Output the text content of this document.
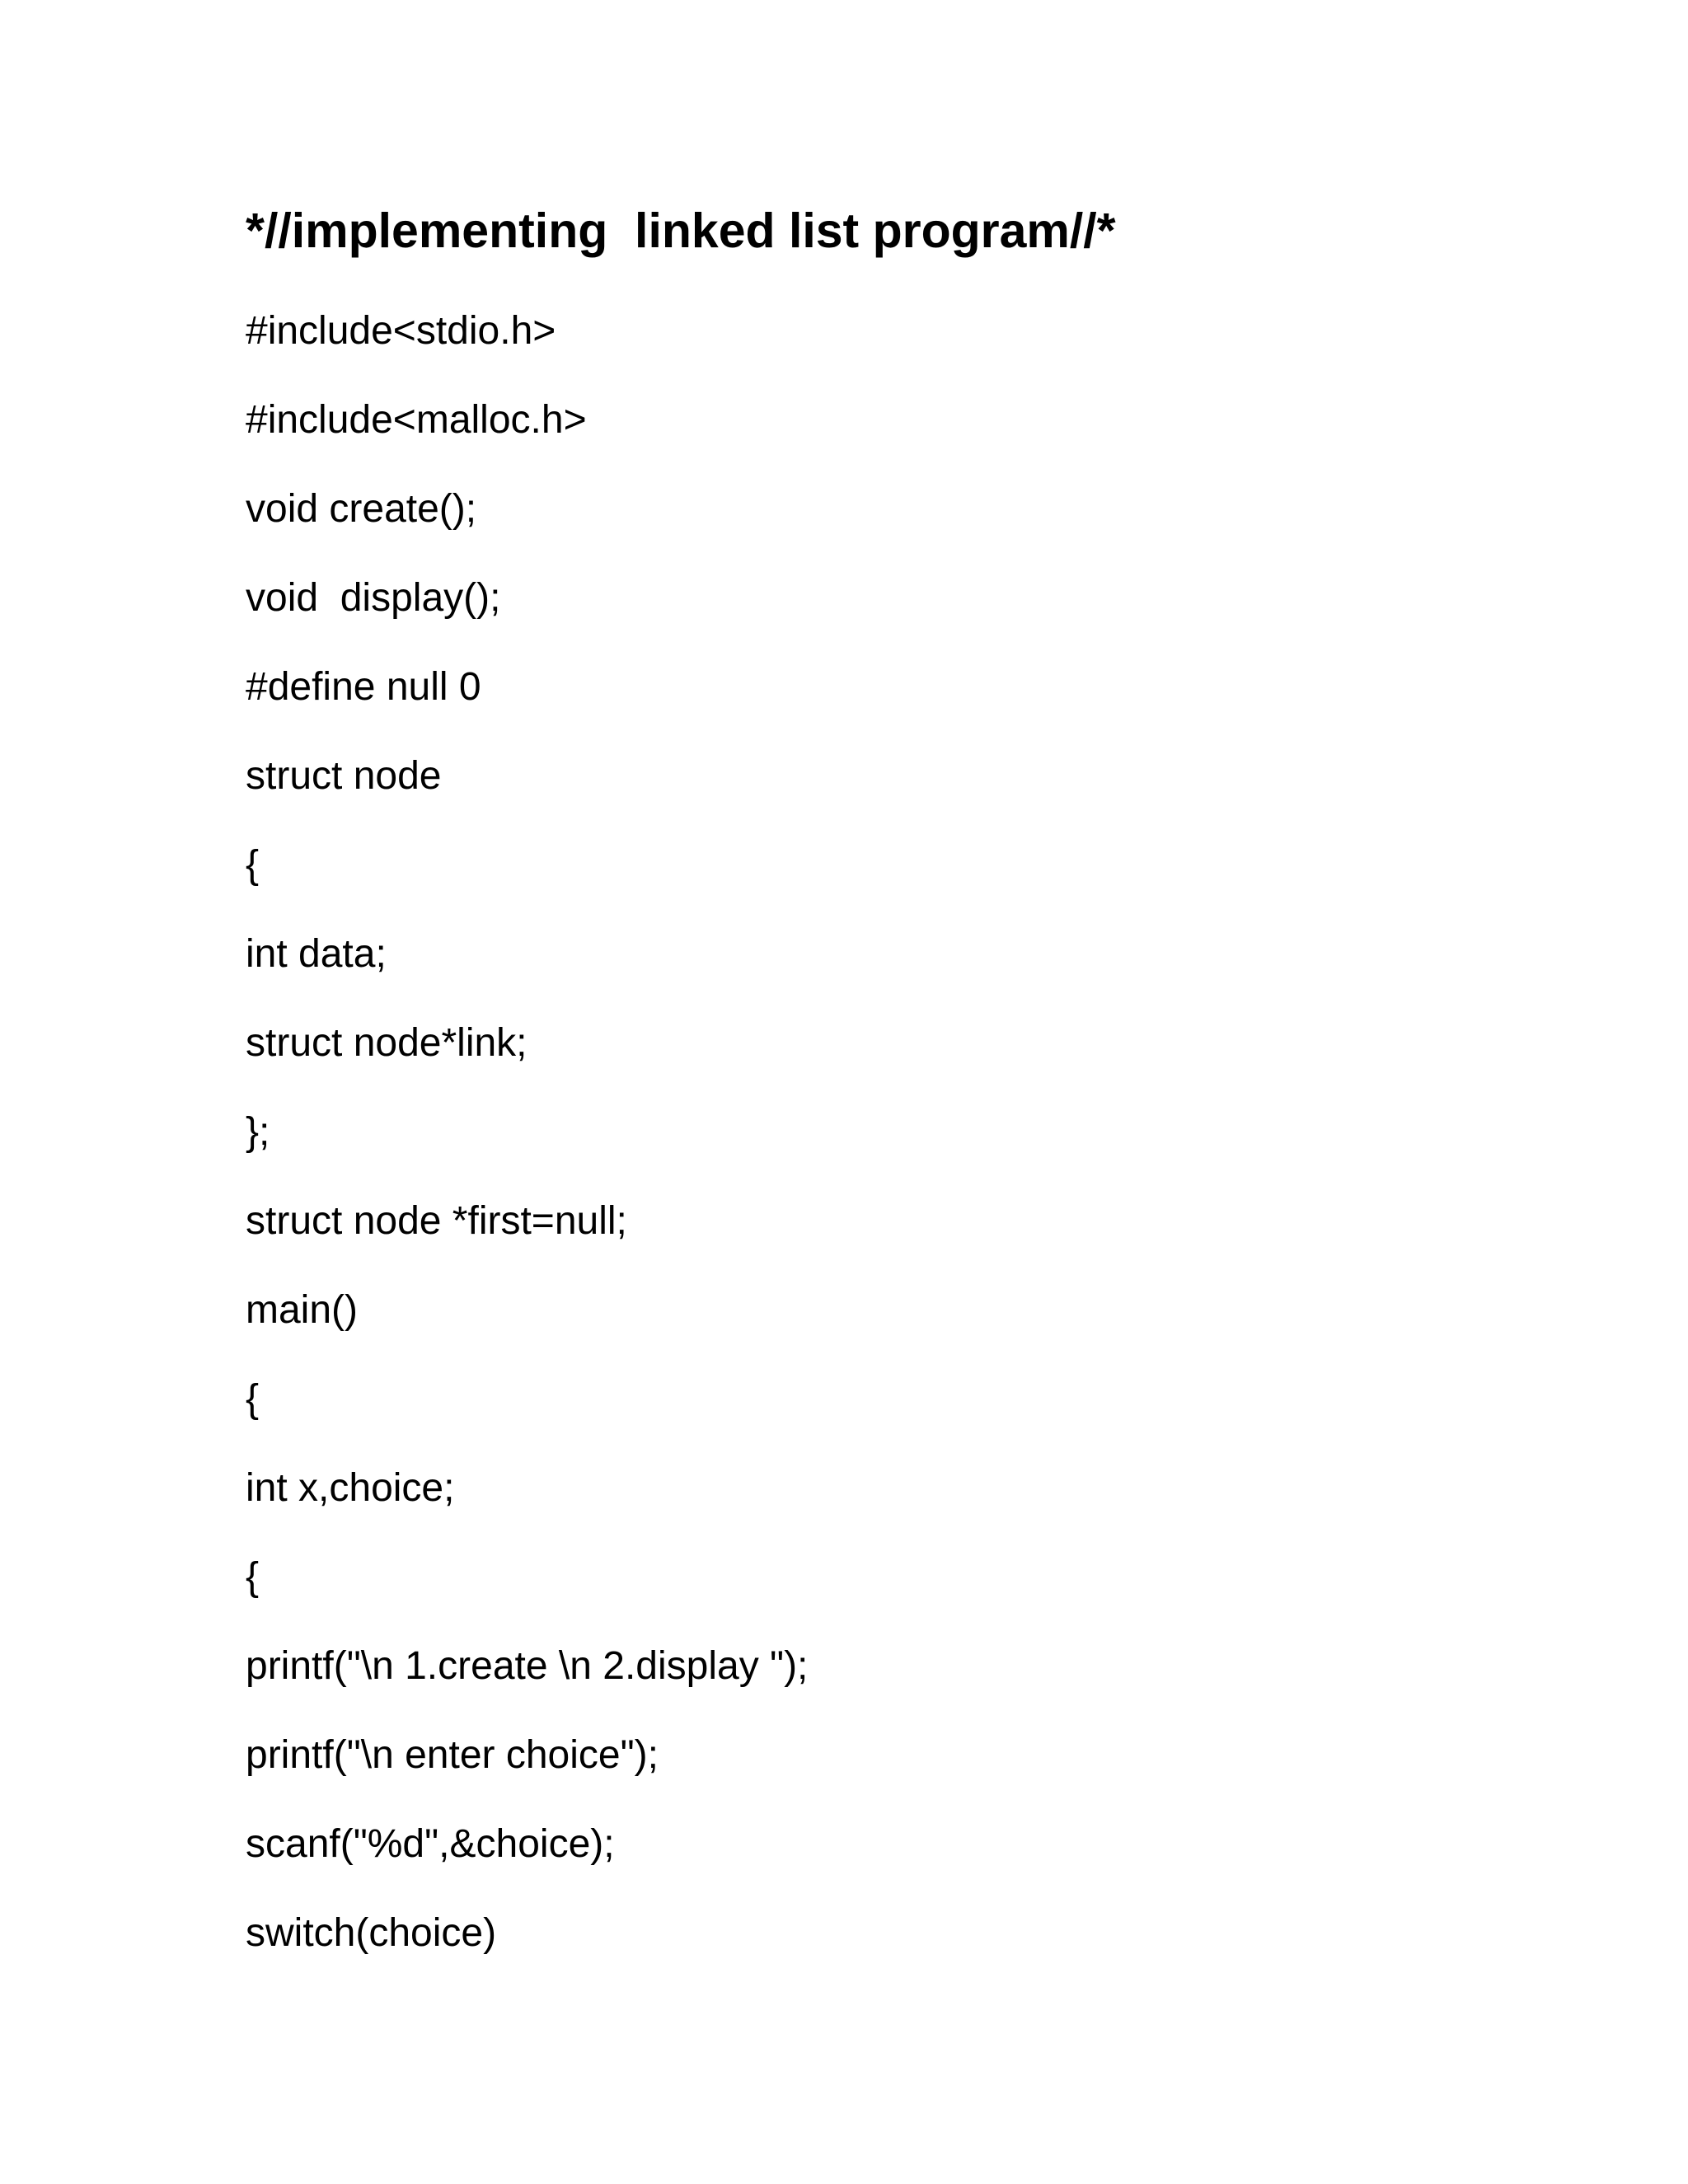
*//implementing  linked list program//*
#include<stdio.h>
#include<malloc.h>
void create();
void  display();
#define null 0
struct node
{
int data;
struct node*link;
};
struct node *first=null;
main()
{
int x,choice;
{
printf("\n 1.create \n 2.display ");
printf("\n enter choice");
scanf("%d",&choice);
switch(choice)
